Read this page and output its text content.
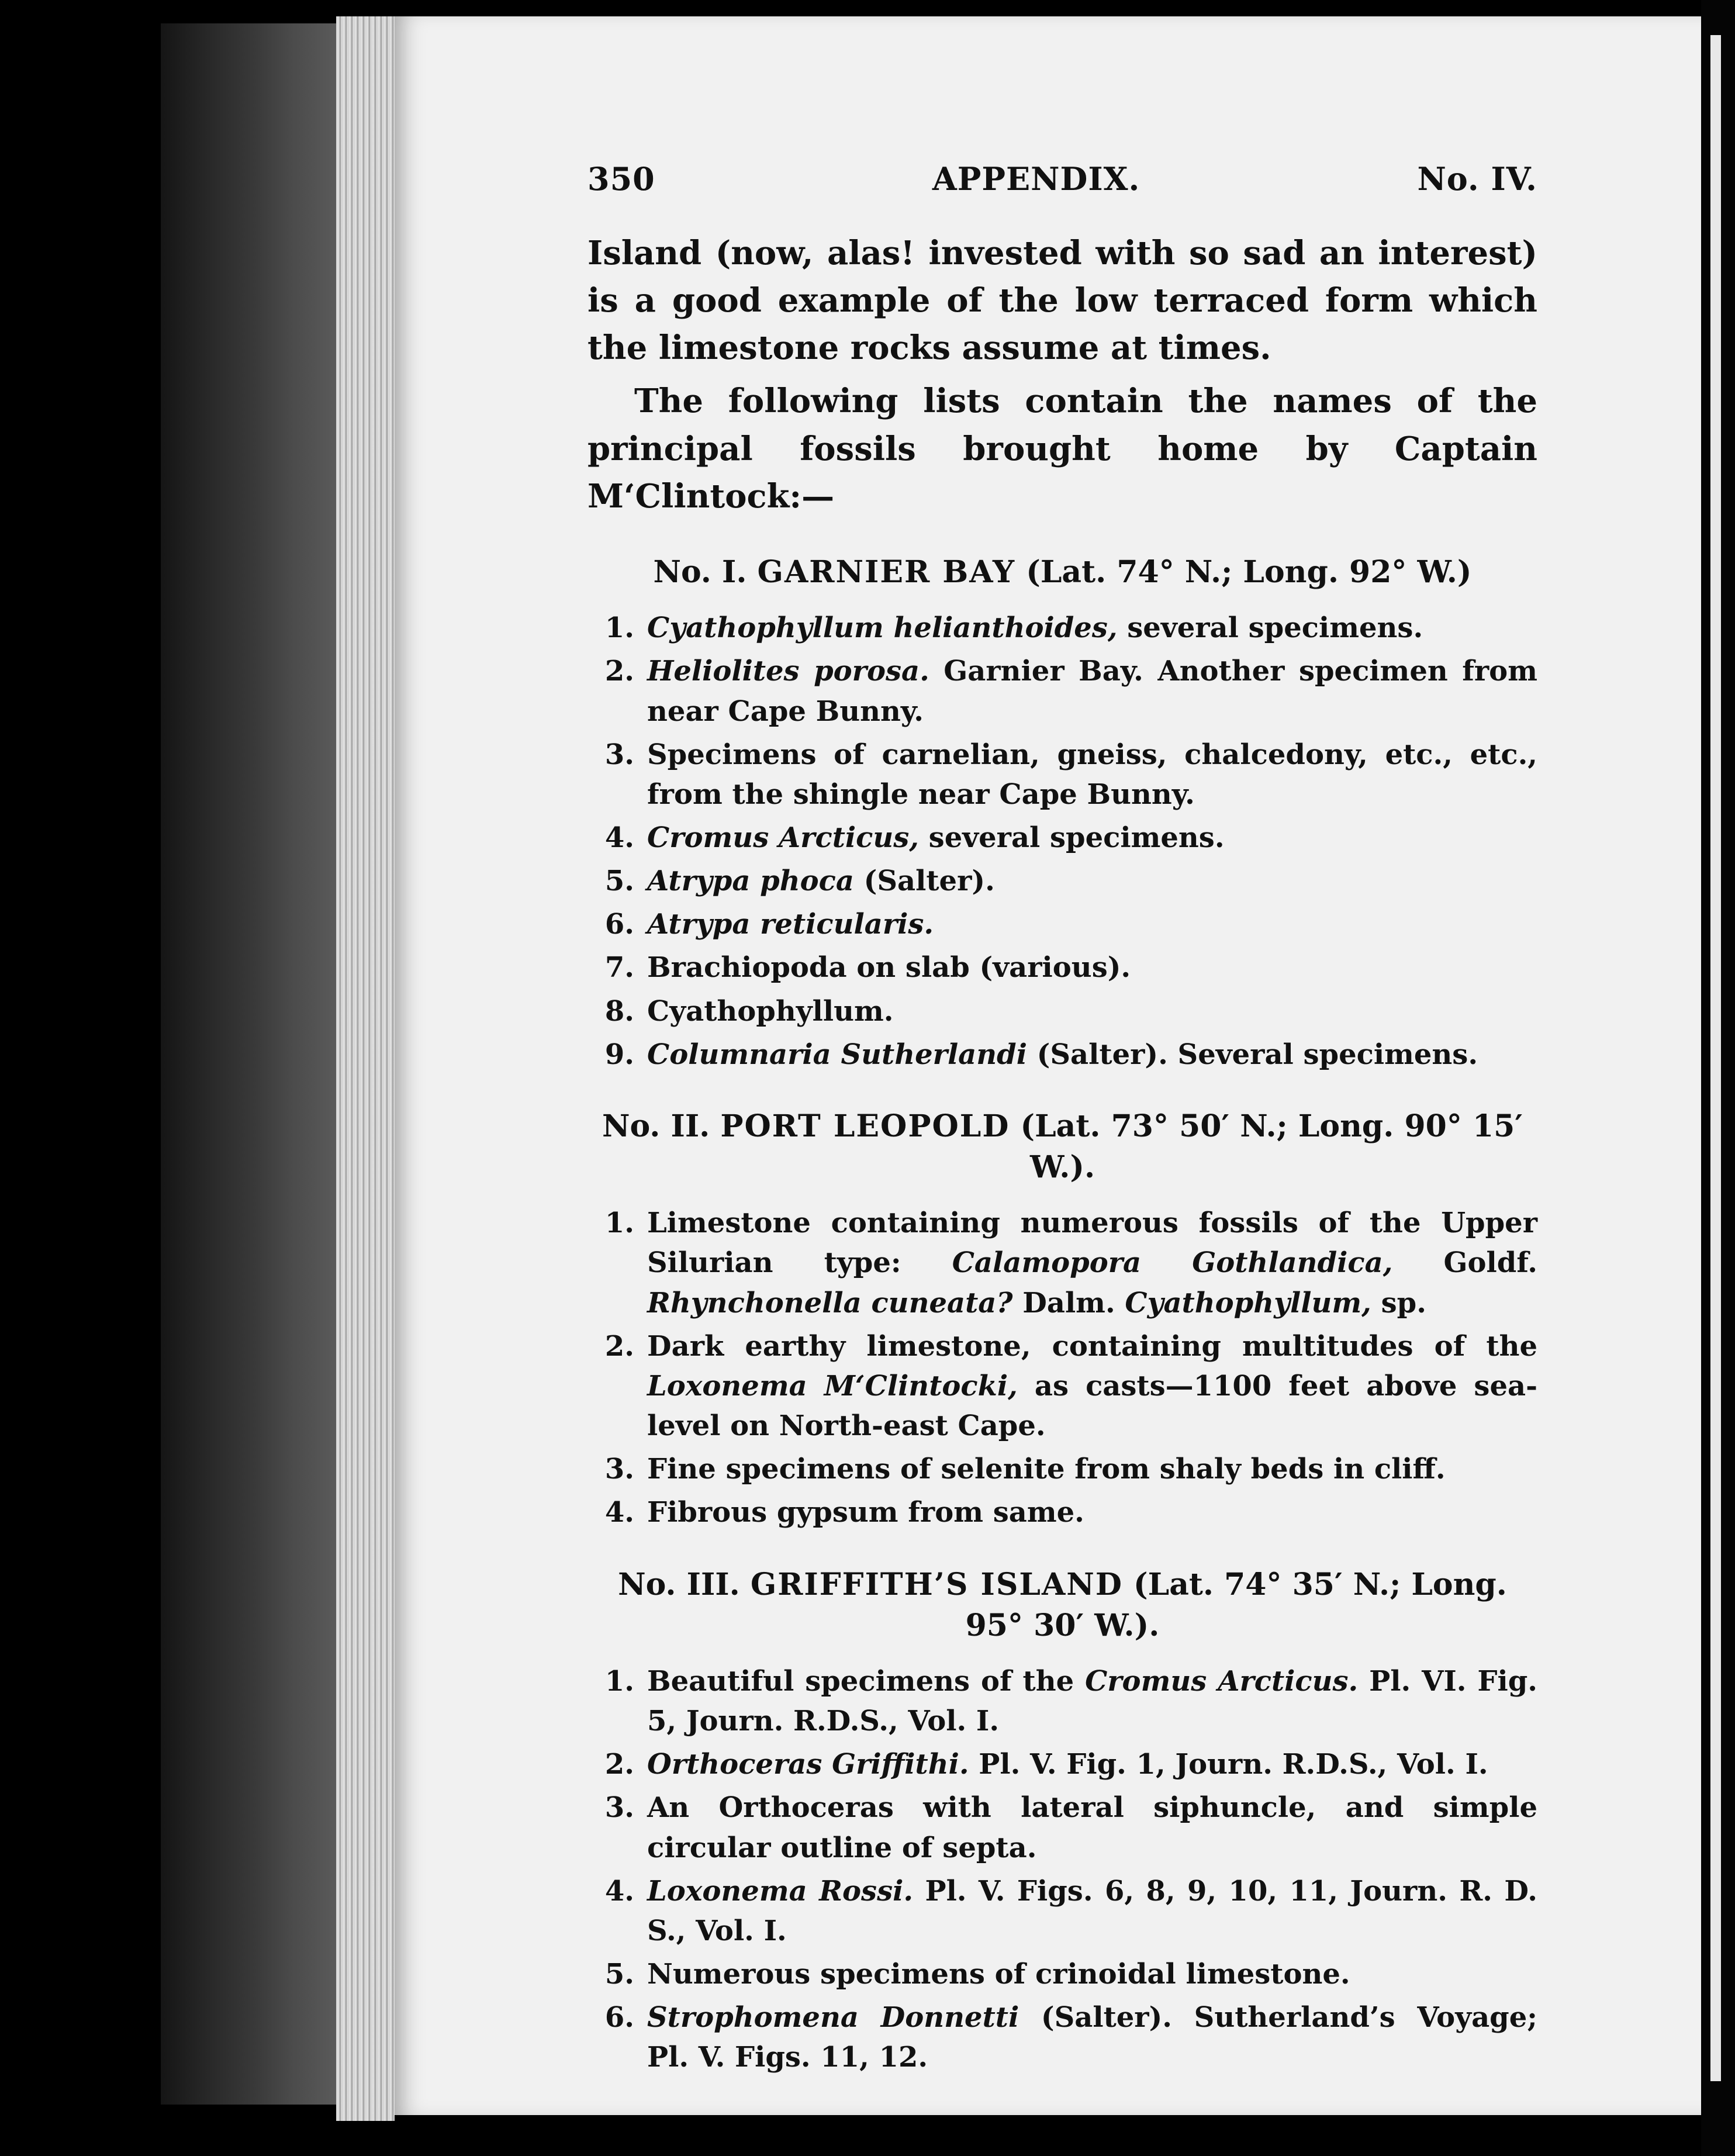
350	APPENDIX.	No. IV.

Island (now, alas! invested with so sad an interest) is a good example of the low terraced form which the limestone rocks assume at times.

The following lists contain the names of the principal fossils brought home by Captain M‘Clintock:—

No. I. GARNIER BAY (Lat. 74° N.; Long. 92° W.)
1. Cyathophyllum helianthoides, several specimens.
2. Heliolites porosa. Garnier Bay. Another specimen from near Cape Bunny.
3. Specimens of carnelian, gneiss, chalcedony, etc., etc., from the shingle near Cape Bunny.
4. Cromus Arcticus, several specimens.
5. Atrypa phoca (Salter).
6. Atrypa reticularis.
7. Brachiopoda on slab (various).
8. Cyathophyllum.
9. Columnaria Sutherlandi (Salter). Several specimens.
No. II. PORT LEOPOLD (Lat. 73° 50′ N.; Long. 90° 15′ W.).
1. Limestone containing numerous fossils of the Upper Silurian type: Calamopora Gothlandica, Goldf. Rhynchonella cuneata? Dalm. Cyathophyllum, sp.
2. Dark earthy limestone, containing multitudes of the Loxonema M‘Clintocki, as casts—1100 feet above sea-level on North-east Cape.
3. Fine specimens of selenite from shaly beds in cliff.
4. Fibrous gypsum from same.
No. III. GRIFFITH’S ISLAND (Lat. 74° 35′ N.; Long. 95° 30′ W.).
1. Beautiful specimens of the Cromus Arcticus. Pl. VI. Fig. 5, Journ. R.D.S., Vol. I.
2. Orthoceras Griffithi. Pl. V. Fig. 1, Journ. R.D.S., Vol. I.
3. An Orthoceras with lateral siphuncle, and simple circular outline of septa.
4. Loxonema Rossi. Pl. V. Figs. 6, 8, 9, 10, 11, Journ. R. D. S., Vol. I.
5. Numerous specimens of crinoidal limestone.
6. Strophomena Donnetti (Salter). Sutherland’s Voyage; Pl. V. Figs. 11, 12.
